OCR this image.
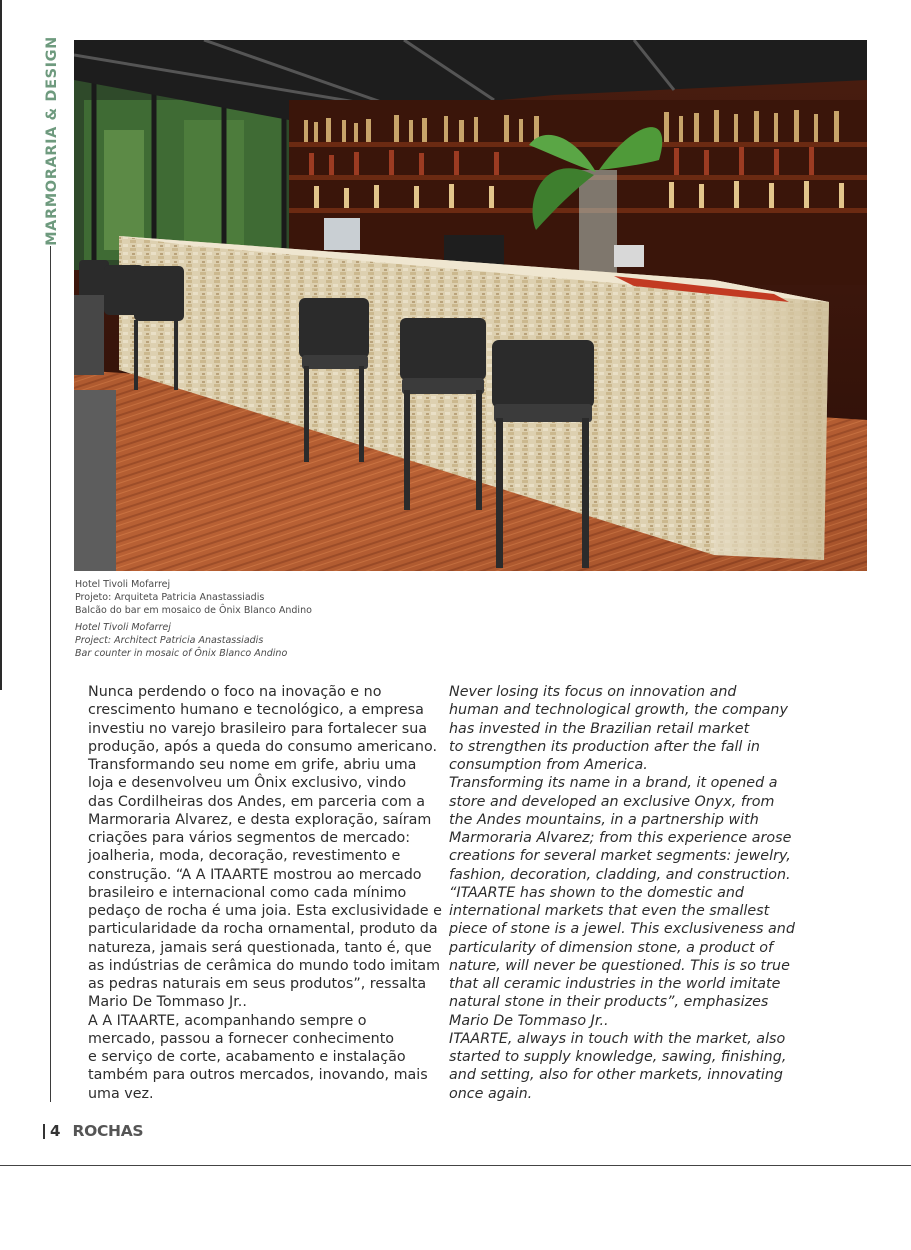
MARMORARIA & DESIGN
Hotel Tivoli Mofarrej
Projeto: Arquiteta Patricia Anastassiadis
Balcão do bar em mosaico de Ônix Blanco Andino
Hotel Tivoli Mofarrej
Project: Architect Patricia Anastassiadis
Bar counter in mosaic of Ônix Blanco Andino

Nunca perdendo o foco na inovação e no

crescimento humano e tecnológico, a empresa

investiu no varejo brasileiro para fortalecer sua

produção, após a queda do consumo americano.

Transformando seu nome em grife, abriu uma

loja e desenvolveu um Ônix exclusivo, vindo

das Cordilheiras dos Andes, em parceria com a

Marmoraria Alvarez, e desta exploração, saíram

criações para vários segmentos de mercado:

joalheria, moda, decoração, revestimento e

construção. “A A ITAARTE mostrou ao mercado

brasileiro e internacional como cada mínimo

pedaço de rocha é uma joia. Esta exclusividade e

particularidade da rocha ornamental, produto da

natureza, jamais será questionada, tanto é, que

as indústrias de cerâmica do mundo todo imitam

as pedras naturais em seus produtos”, ressalta

Mario De Tommaso Jr..

A A ITAARTE, acompanhando sempre o

mercado, passou a fornecer conhecimento

e serviço de corte, acabamento e instalação

também para outros mercados, inovando, mais

uma vez.

Never losing its focus on innovation and

human and technological growth, the company

has invested in the Brazilian retail market

to strengthen its production after the fall in

consumption from America.

Transforming its name in a brand, it opened a

store and developed an exclusive Onyx, from

the Andes mountains, in a partnership with

Marmoraria Alvarez; from this experience arose

creations for several market segments: jewelry,

fashion, decoration, cladding, and construction.

“ITAARTE has shown to the domestic and

international markets that even the smallest

piece of stone is a jewel. This exclusiveness and

particularity of dimension stone, a product of

nature, will never be questioned. This is so true

that all ceramic industries in the world imitate

natural stone in their products”, emphasizes

Mario De Tommaso Jr..

ITAARTE, always in touch with the market, also

started to supply knowledge, sawing, finishing,

and setting, also for other markets, innovating

once again.

4 ROCHAS
